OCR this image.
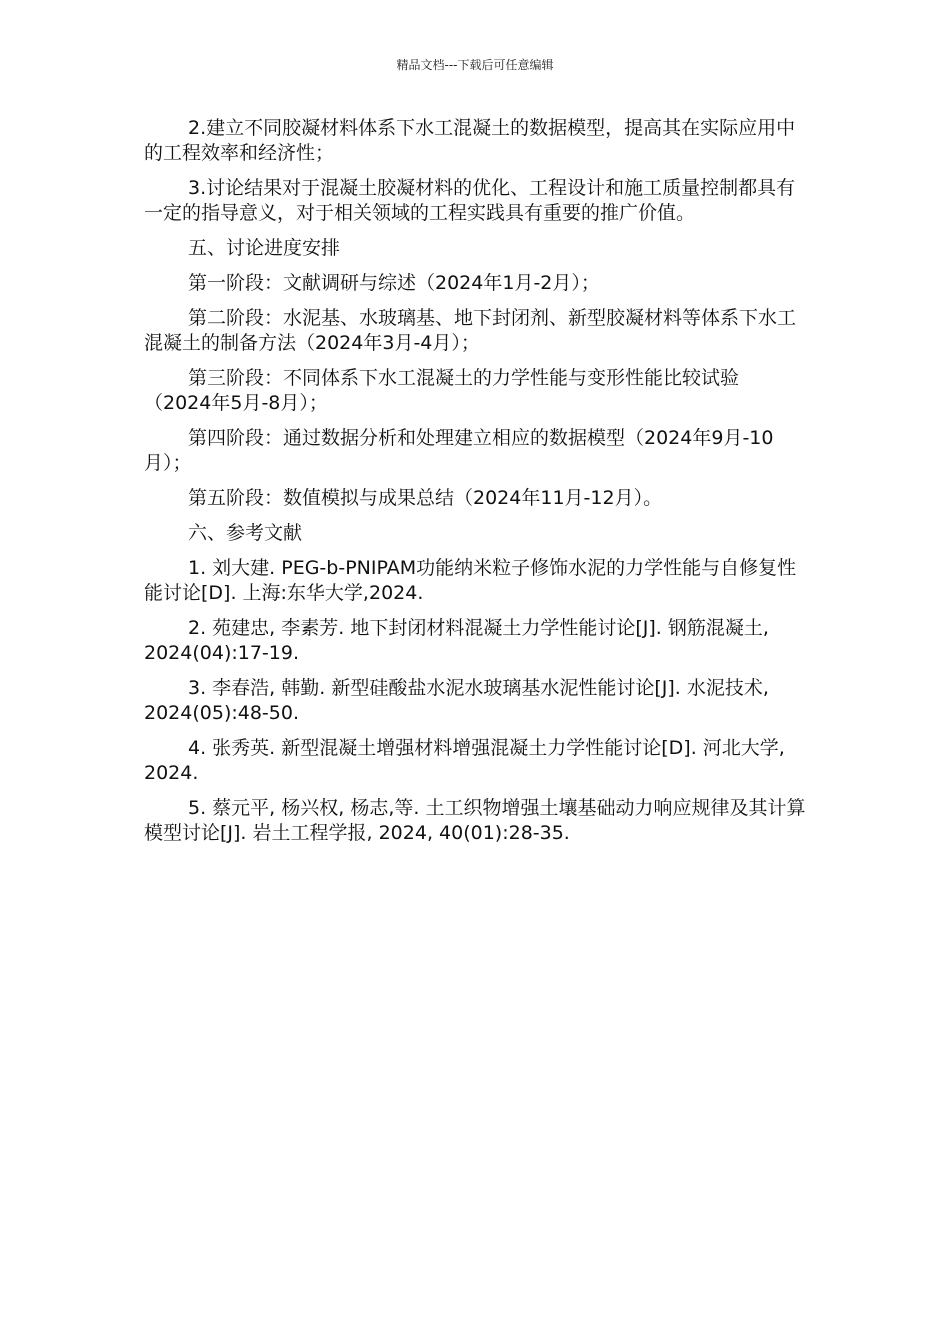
精品文档---下载后可任意编辑

2.建立不同胶凝材料体系下水工混凝土的数据模型，提高其在实际应用中的工程效率和经济性；

3.讨论结果对于混凝土胶凝材料的优化、工程设计和施工质量控制都具有一定的指导意义，对于相关领域的工程实践具有重要的推广价值。

五、讨论进度安排

第一阶段：文献调研与综述（2024年1月-2月）；

第二阶段：水泥基、水玻璃基、地下封闭剂、新型胶凝材料等体系下水工混凝土的制备方法（2024年3月-4月）；

第三阶段：不同体系下水工混凝土的力学性能与变形性能比较试验（2024年5月-8月）；

第四阶段：通过数据分析和处理建立相应的数据模型（2024年9月-10月）；

第五阶段：数值模拟与成果总结（2024年11月-12月）。

六、参考文献

1. 刘大建. PEG-b-PNIPAM功能纳米粒子修饰水泥的力学性能与自修复性能讨论[D]. 上海:东华大学,2024.

2. 苑建忠, 李素芳. 地下封闭材料混凝土力学性能讨论[J]. 钢筋混凝土, 2024(04):17-19.

3. 李春浩, 韩勤. 新型硅酸盐水泥水玻璃基水泥性能讨论[J]. 水泥技术, 2024(05):48-50.

4. 张秀英. 新型混凝土增强材料增强混凝土力学性能讨论[D]. 河北大学, 2024.

5. 蔡元平, 杨兴权, 杨志,等. 土工织物增强土壤基础动力响应规律及其计算模型讨论[J]. 岩土工程学报, 2024, 40(01):28-35.
